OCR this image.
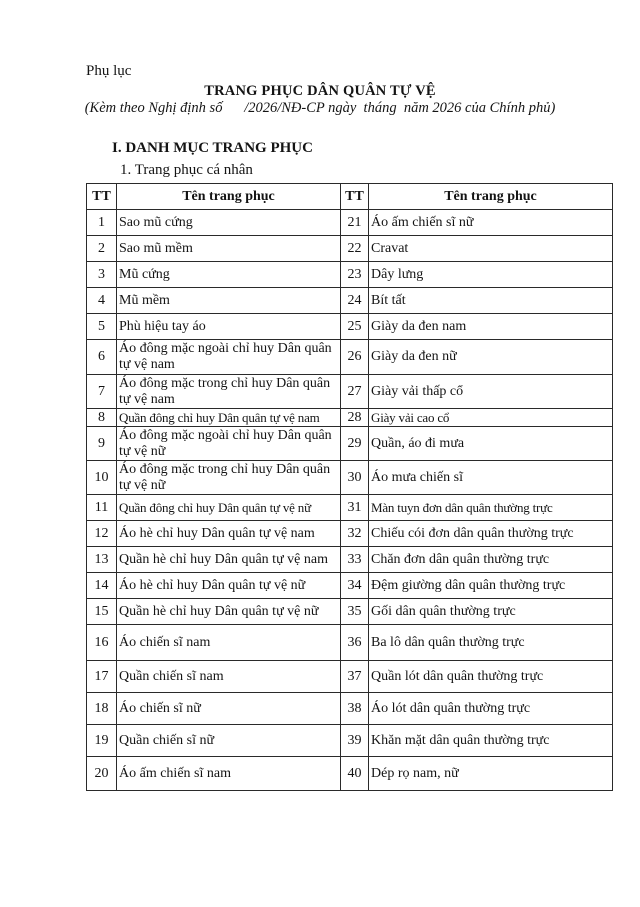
Phụ lục
TRANG PHỤC DÂN QUÂN TỰ VỆ
(Kèm theo Nghị định số      /2026/NĐ-CP ngày  tháng  năm 2026 của Chính phủ)
I. DANH MỤC TRANG PHỤC
1. Trang phục cá nhân
TT	Tên trang phục	TT	Tên trang phục
1	Sao mũ cứng	21	Áo ấm chiến sĩ nữ
2	Sao mũ mềm	22	Cravat
3	Mũ cứng	23	Dây lưng
4	Mũ mềm	24	Bít tất
5	Phù hiệu tay áo	25	Giày da đen nam
6	Áo đông mặc ngoài chỉ huy Dân quân tự vệ nam	26	Giày da đen nữ
7	Áo đông mặc trong chỉ huy Dân quân tự vệ nam	27	Giày vải thấp cổ
8	Quần đông chỉ huy Dân quân tự vệ nam	28	Giày vải cao cổ
9	Áo đông mặc ngoài chỉ huy Dân quân tự vệ nữ	29	Quần, áo đi mưa
10	Áo đông mặc trong chỉ huy Dân quân tự vệ nữ	30	Áo mưa chiến sĩ
11	Quần đông chỉ huy Dân quân tự vệ nữ	31	Màn tuyn đơn dân quân thường trực
12	Áo hè chỉ huy Dân quân tự vệ nam	32	Chiếu cói đơn dân quân thường trực
13	Quần hè chỉ huy Dân quân tự vệ nam	33	Chăn đơn dân quân thường trực
14	Áo hè chỉ huy Dân quân tự vệ nữ	34	Đệm giường dân quân thường trực
15	Quần hè chỉ huy Dân quân tự vệ nữ	35	Gối dân quân thường trực
16	Áo chiến sĩ nam	36	Ba lô dân quân thường trực
17	Quần chiến sĩ nam	37	Quần lót dân quân thường trực
18	Áo chiến sĩ nữ	38	Áo lót dân quân thường trực
19	Quần chiến sĩ nữ	39	Khăn mặt dân quân thường trực
20	Áo ấm chiến sĩ nam	40	Dép rọ nam, nữ
